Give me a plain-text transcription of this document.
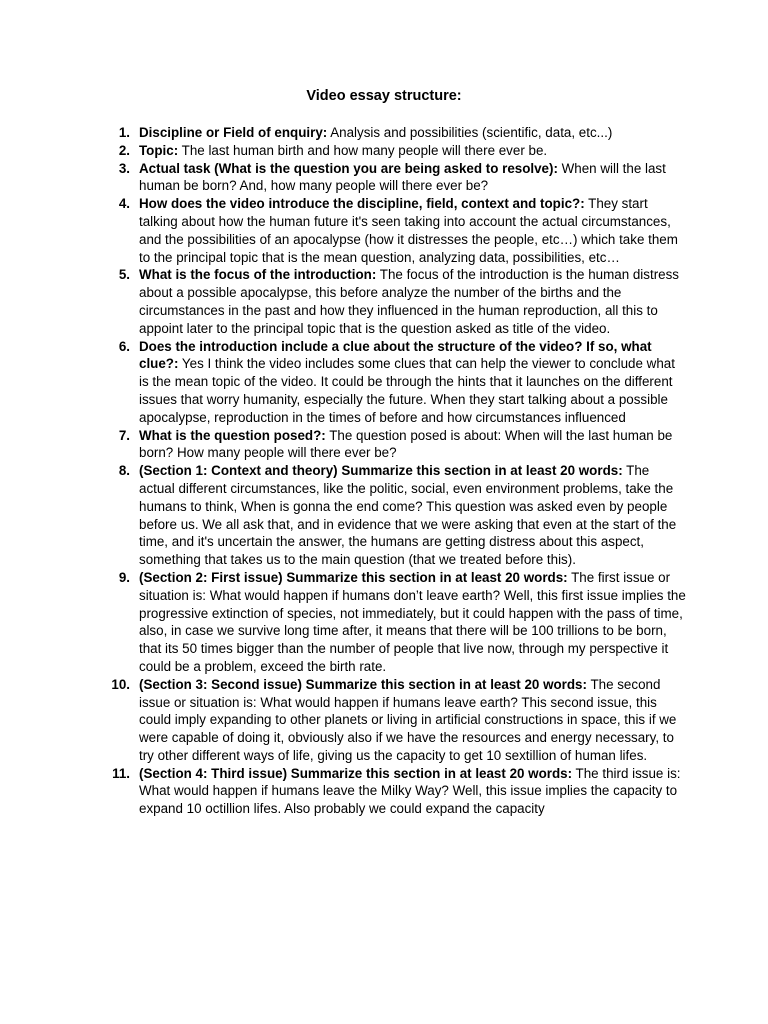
Video essay structure:
1. Discipline or Field of enquiry: Analysis and possibilities (scientific, data, etc...)
2. Topic: The last human birth and how many people will there ever be.
3. Actual task (What is the question you are being asked to resolve): When will the last human be born? And, how many people will there ever be?
4. How does the video introduce the discipline, field, context and topic?: They start talking about how the human future it's seen taking into account the actual circumstances, and the possibilities of an apocalypse (how it distresses the people, etc…) which take them to the principal topic that is the mean question, analyzing data, possibilities, etc…
5. What is the focus of the introduction: The focus of the introduction is the human distress about a possible apocalypse, this before analyze the number of the births and the circumstances in the past and how they influenced in the human reproduction, all this to appoint later to the principal topic that is the question asked as title of the video.
6. Does the introduction include a clue about the structure of the video? If so, what clue?: Yes I think the video includes some clues that can help the viewer to conclude what is the mean topic of the video. It could be through the hints that it launches on the different issues that worry humanity, especially the future. When they start talking about a possible apocalypse, reproduction in the times of before and how circumstances influenced
7. What is the question posed?: The question posed is about: When will the last human be born? How many people will there ever be?
8. (Section 1: Context and theory) Summarize this section in at least 20 words: The actual different circumstances, like the politic, social, even environment problems, take the humans to think, When is gonna the end come? This question was asked even by people before us. We all ask that, and in evidence that we were asking that even at the start of the time, and it's uncertain the answer, the humans are getting distress about this aspect, something that takes us to the main question (that we treated before this).
9. (Section 2: First issue) Summarize this section in at least 20 words: The first issue or situation is: What would happen if humans don’t leave earth? Well, this first issue implies the progressive extinction of species, not immediately, but it could happen with the pass of time, also, in case we survive long time after, it means that there will be 100 trillions to be born, that its 50 times bigger than the number of people that live now, through my perspective it could be a problem, exceed the birth rate.
10. (Section 3: Second issue) Summarize this section in at least 20 words: The second issue or situation is: What would happen if humans leave earth? This second issue, this could imply expanding to other planets or living in artificial constructions in space, this if we were capable of doing it, obviously also if we have the resources and energy necessary, to try other different ways of life, giving us the capacity to get 10 sextillion of human lifes.
11. (Section 4: Third issue) Summarize this section in at least 20 words: The third issue is: What would happen if humans leave the Milky Way? Well, this issue implies the capacity to expand 10 octillion lifes. Also probably we could expand the capacity
